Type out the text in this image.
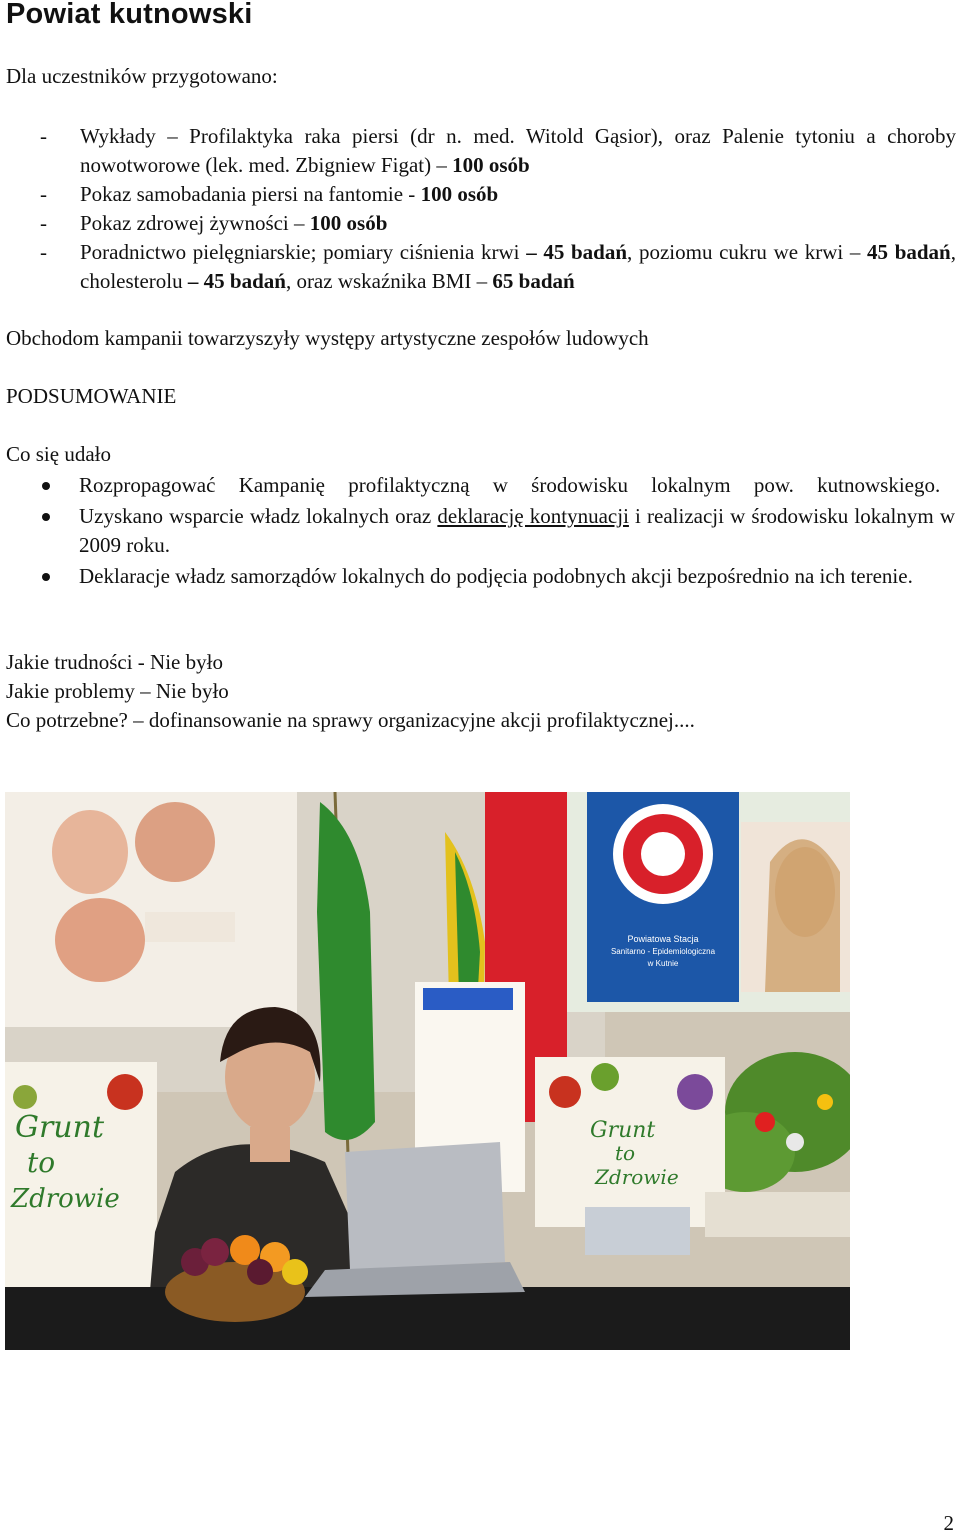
Powiat kutnowski
Dla uczestników przygotowano:
- Wykłady – Profilaktyka raka piersi (dr n. med. Witold Gąsior), oraz Palenie tytoniu a choroby nowotworowe (lek. med. Zbigniew Figat) – 100 osób
- Pokaz samobadania piersi na fantomie - 100 osób
- Pokaz zdrowej żywności – 100 osób
- Poradnictwo pielęgniarskie; pomiary ciśnienia krwi – 45 badań, poziomu cukru we krwi – 45 badań, cholesterolu – 45 badań, oraz wskaźnika BMI – 65 badań
Obchodom kampanii towarzyszyły występy artystyczne zespołów ludowych
PODSUMOWANIE
Co się udało
Rozpropagować Kampanię profilaktyczną w środowisku lokalnym pow. kutnowskiego.
Uzyskano wsparcie władz lokalnych oraz deklarację kontynuacji i realizacji w środowisku lokalnym w 2009 roku.
Deklaracje władz samorządów lokalnych do podjęcia podobnych akcji bezpośrednio na ich terenie.
Jakie trudności - Nie było
Jakie problemy – Nie było
Co potrzebne? – dofinansowanie na sprawy organizacyjne akcji profilaktycznej....
Powiatowa Stacja
Sanitarno - Epidemiologiczna
w Kutnie
Grunt
to
Zdrowie
Grunt
to
Zdrowie
2
